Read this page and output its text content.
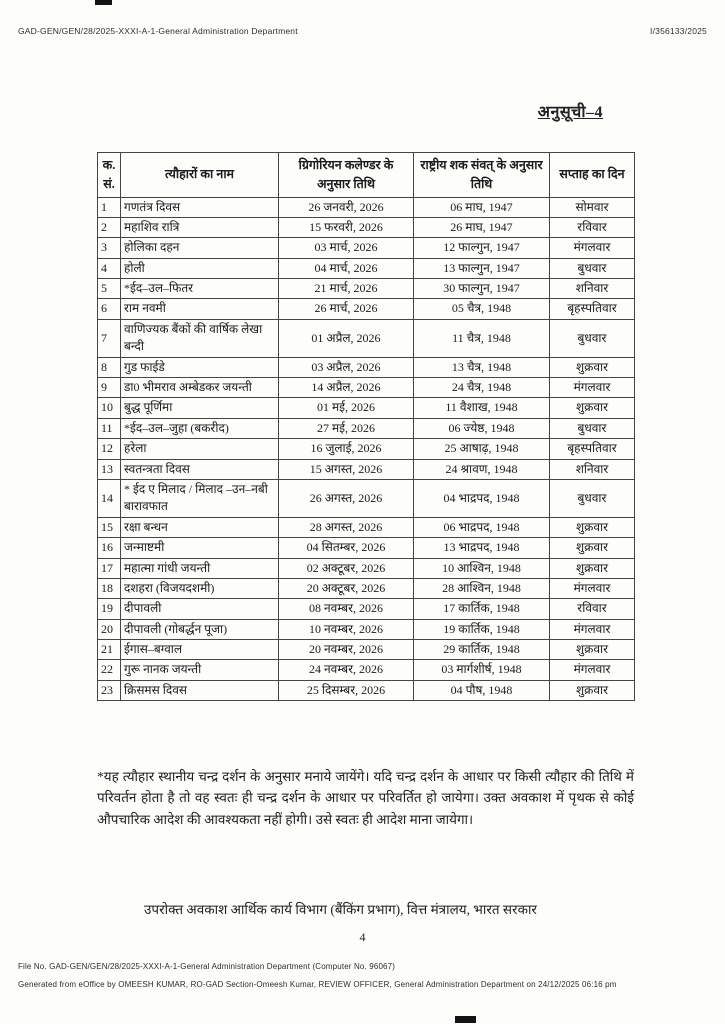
GAD-GEN/GEN/28/2025-XXXI-A-1-General Administration Department	I/356133/2025
अनुसूची–4
क. सं.	त्यौहारों का नाम	ग्रिगोरियन कलेण्डर के अनुसार तिथि	राष्ट्रीय शक संवत् के अनुसार तिथि	सप्ताह का दिन
1	गणतंत्र दिवस	26 जनवरी, 2026	06 माघ, 1947	सोमवार
2	महाशिव रात्रि	15 फरवरी, 2026	26 माघ, 1947	रविवार
3	होलिका दहन	03 मार्च, 2026	12 फाल्गुन, 1947	मंगलवार
4	होली	04 मार्च, 2026	13 फाल्गुन, 1947	बुधवार
5	*ईद–उल–फितर	21 मार्च, 2026	30 फाल्गुन, 1947	शनिवार
6	राम नवमी	26 मार्च, 2026	05 चैत्र, 1948	बृहस्पतिवार
7	वाणिज्यक बैंकों की वार्षिक लेखा बन्दी	01 अप्रैल, 2026	11 चैत्र, 1948	बुधवार
8	गुड फाईडे	03 अप्रैल, 2026	13 चैत्र, 1948	शुक्रवार
9	डा0 भीमराव अम्बेडकर जयन्ती	14 अप्रैल, 2026	24 चैत्र, 1948	मंगलवार
10	बुद्ध पूर्णिमा	01 मई, 2026	11 वैशाख, 1948	शुक्रवार
11	*ईद–उल–जुहा (बकरीद)	27 मई, 2026	06 ज्येष्ठ, 1948	बुधवार
12	हरेला	16 जुलाई, 2026	25 आषाढ़, 1948	बृहस्पतिवार
13	स्वतन्त्रता दिवस	15 अगस्त, 2026	24 श्रावण, 1948	शनिवार
14	* ईद ए मिलाद / मिलाद –उन–नबी बारावफात	26 अगस्त, 2026	04 भाद्रपद, 1948	बुधवार
15	रक्षा बन्धन	28 अगस्त, 2026	06 भाद्रपद, 1948	शुक्रवार
16	जन्माष्टमी	04 सितम्बर, 2026	13 भाद्रपद, 1948	शुक्रवार
17	महात्मा गांधी जयन्ती	02 अक्टूबर, 2026	10 आश्विन, 1948	शुक्रवार
18	दशहरा (विजयदशमी)	20 अक्टूबर, 2026	28 आश्विन, 1948	मंगलवार
19	दीपावली	08 नवम्बर, 2026	17 कार्तिक, 1948	रविवार
20	दीपावली (गोबर्द्धन पूजा)	10 नवम्बर, 2026	19 कार्तिक, 1948	मंगलवार
21	ईगास–बग्वाल	20 नवम्बर, 2026	29 कार्तिक, 1948	शुक्रवार
22	गुरू नानक जयन्ती	24 नवम्बर, 2026	03 मार्गशीर्ष, 1948	मंगलवार
23	क्रिसमस दिवस	25 दिसम्बर, 2026	04 पौष, 1948	शुक्रवार

*यह त्यौहार स्थानीय चन्द्र दर्शन के अनुसार मनाये जायेंगे। यदि चन्द्र दर्शन के आधार पर किसी त्यौहार की तिथि में परिवर्तन होता है तो वह स्वतः ही चन्द्र दर्शन के आधार पर परिवर्तित हो जायेगा। उक्त अवकाश में पृथक से कोई औपचारिक आदेश की आवश्यकता नहीं होगी। उसे स्वतः ही आदेश माना जायेगा।

उपरोक्त अवकाश आर्थिक कार्य विभाग (बैंकिंग प्रभाग), वित्त मंत्रालय, भारत सरकार

4
File No. GAD-GEN/GEN/28/2025-XXXI-A-1-General Administration Department (Computer No. 96067)
Generated from eOffice by OMEESH KUMAR, RO-GAD Section-Omeesh Kumar, REVIEW OFFICER, General Administration Department on 24/12/2025 06:16 pm
